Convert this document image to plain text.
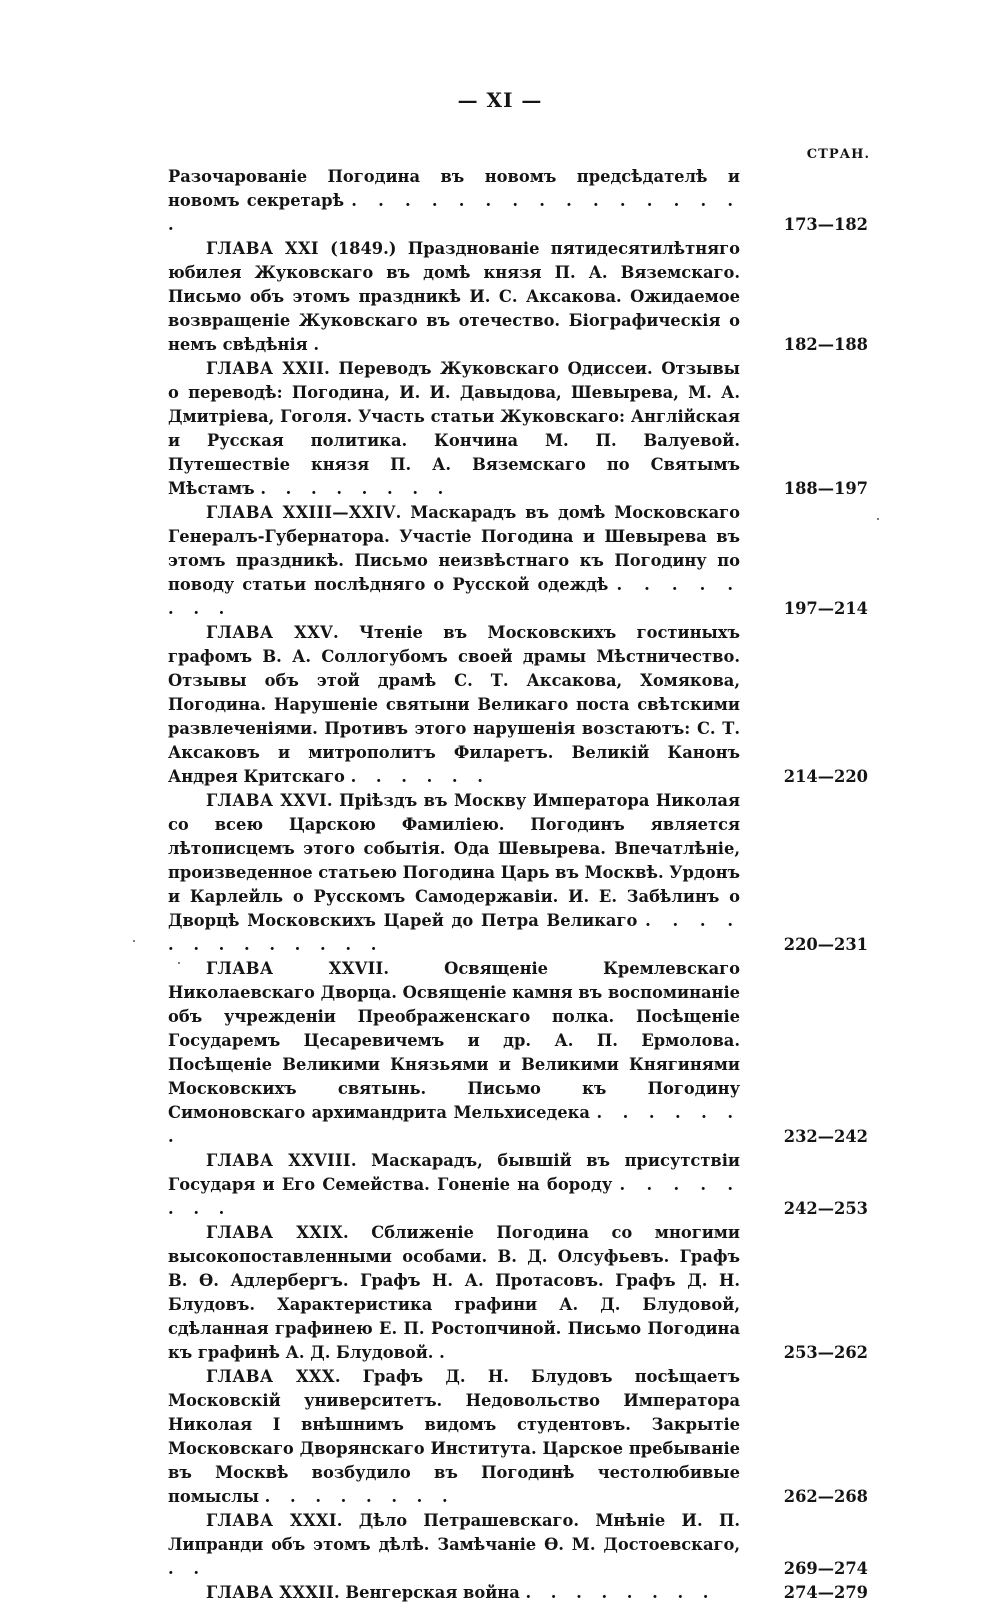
— XI —
СТРАН.
Разочарованіе Погодина въ новомъ предсѣдателѣ и новомъ секретарѣ . . . . . . . . . . . . . . . .	173—182
ГЛАВА XXI (1849.) Празднованіе пятидесятилѣтняго юбилея Жуковскаго въ домѣ князя П. А. Вяземскаго. Письмо объ этомъ праздникѣ И. С. Аксакова. Ожидаемое возвращеніе Жуковскаго въ отечество. Біографическія о немъ свѣдѣнія .	182—188
ГЛАВА XXII. Переводъ Жуковскаго Одиссеи. Отзывы о переводѣ: Погодина, И. И. Давыдова, Шевырева, М. А. Дмитріева, Гоголя. Участь статьи Жуковскаго: Англійская и Русская политика. Кончина М. П. Валуевой. Путешествіе князя П. А. Вяземскаго по Святымъ Мѣстамъ . . . . . . . .	188—197
ГЛАВА XXIII—XXIV. Маскарадъ въ домѣ Московскаго Генералъ-Губернатора. Участіе Погодина и Шевырева въ этомъ праздникѣ. Письмо неизвѣстнаго къ Погодину по поводу статьи послѣдняго о Русской одеждѣ . . . . . . . .	197—214
ГЛАВА XXV. Чтеніе въ Московскихъ гостиныхъ графомъ В. А. Соллогубомъ своей драмы Мѣстничество. Отзывы объ этой драмѣ С. Т. Аксакова, Хомякова, Погодина. Нарушеніе святыни Великаго поста свѣтскими развлеченіями. Противъ этого нарушенія возстаютъ: С. Т. Аксаковъ и митрополитъ Филаретъ. Великій Канонъ Андрея Критскаго . . . . . .	214—220
ГЛАВА XXVI. Пріѣздъ въ Москву Императора Николая со всею Царскою Фамиліею. Погодинъ является лѣтописцемъ этого событія. Ода Шевырева. Впечатлѣніе, произведенное статьею Погодина Царь въ Москвѣ. Урдонъ и Карлейль о Русскомъ Самодержавіи. И. Е. Забѣлинъ о Дворцѣ Московскихъ Царей до Петра Великаго . . . . . . . . . . . . .	220—231
ГЛАВА XXVII. Освященіе Кремлевскаго Николаевскаго Дворца. Освященіе камня въ воспоминаніе объ учрежденіи Преображенскаго полка. Посѣщеніе Государемъ Цесаревичемъ и др. А. П. Ермолова. Посѣщеніе Великими Князьями и Великими Княгинями Московскихъ святынь. Письмо къ Погодину Симоновскаго архимандрита Мельхиседека . . . . . . .	232—242
ГЛАВА XXVIII. Маскарадъ, бывшій въ присутствіи Государя и Его Семейства. Гоненіе на бороду . . . . . . . .	242—253
ГЛАВА XXIX. Сближеніе Погодина со многими высокопоставленными особами. В. Д. Олсуфьевъ. Графъ В. Ѳ. Адлербергъ. Графъ Н. А. Протасовъ. Графъ Д. Н. Блудовъ. Характеристика графини А. Д. Блудовой, сдѣланная графинею Е. П. Ростопчиной. Письмо Погодина къ графинѣ А. Д. Блудовой. .	253—262
ГЛАВА XXX. Графъ Д. Н. Блудовъ посѣщаетъ Московскій университетъ. Недовольство Императора Николая I внѣшнимъ видомъ студентовъ. Закрытіе Московскаго Дворянскаго Института. Царское пребываніе въ Москвѣ возбудило въ Погодинѣ честолюбивые помыслы . . . . . . . .	262—268
ГЛАВА XXXI. Дѣло Петрашевскаго. Мнѣніе И. П. Липранди объ этомъ дѣлѣ. Замѣчаніе Ѳ. М. Достоевскаго, . .	269—274
ГЛАВА XXXII. Венгерская война . . . . . . . .	274—279
